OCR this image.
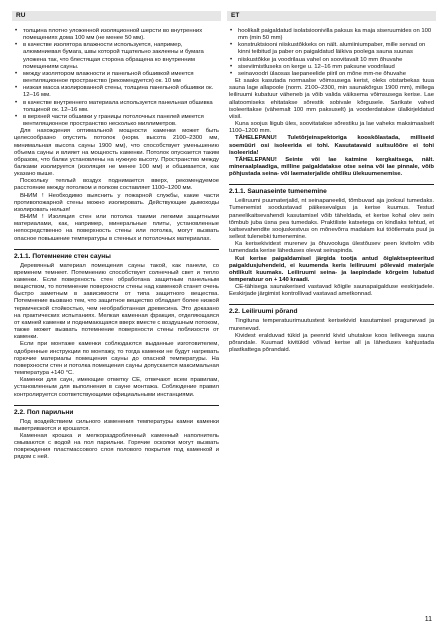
RU	ET
• толщина плотно уложенной изоляционной шерсти во внутренних помещениях дома 100 мм (не менее 50 мм).
• в качестве изолятора влажности используется, например, алюминиевая бумага, швы которой тщательно заклеены и бумага уложена так, что блестящая сторона обращена ко внутренним помещениям сауны.
• между изолятором влажности и панельной обшивкой имеется вентиляционное пространство (рекомендуется) ок. 10 мм
• низкая масса изолированной стены, толщина панельной обшивки ок. 12–16 мм.
• в качестве внутреннего материала используется панельная обшивка толщиной ок. 12–16 мм.
• в верхней части обшивки у границы потолочных панелей имеется вентиляционное пространство несколько миллиметров.

Для нахождения оптимальной мощности каменки может быть целесообразно опустить потолок (норм. высота 2100–2300 мм, минимальная высота сауны 1900 мм), что способствует уменьшению объема сауны и влияет на мощность каменки. Потолок опускается таким образом, что балки установлены на нужную высоту. Пространство между балками изолируется (изоляция не менее 100 мм) и обшивается, как указано выше.

Поскольку теплый воздух поднимается вверх, рекомендуемое расстояние между потолком и полком составляет 1100–1200 мм.

ВНИМ ! Необходимо выяснить у пожарной службы, какие части противопожарной стены можно изолировать. Действующие дымоходы изолировать нельзя!

ВНИМ ! Изоляция стен или потолка такими легкими защитными материалами, как, например, минеральные плиты, установленные непосредственно на поверхность стены или потолка, могут вызвать опасное повышение температуры в стенных и потолочных материалах.

2.1.1. Потемнение стен сауны

Деревянный материал помещения сауны такой, как панели, со временем темнеет. Потемнению способствует солнечный свет и тепло каменки. Если поверхность стен обработана защитным панельным веществом, то потемнение поверхности стены над каменкой станет очень быстро заметным в зависимости от типа защитного вещества. Потемнение вызвано тем, что защитное вещество обладает более низкой термической стойкостью, чем необработанная древесина. Это доказано на практических испытаниях. Мелкая каменная фракция, отделяющаяся от камней каменки и поднимающаяся вверх вместе с воздушным потоком, также может вызвать потемнение поверхности стены поблизости от каменки.

Если при монтаже каменки соблюдаются выданные изготовителем, одобренные инструкции по монтажу, то тогда каменки не будут нагревать горючие материалы помещения сауны до опасной температуры. На поверхности стен и потолка помещения сауны допускается максимальная температура +140 °C.

Каменки для саун, имеющие отметку CE, отвечают всем правилам, установленным для выполнения в сауне монтажа. Соблюдение правил контролируется соответствующими официальными инстанциями.

2.2. Пол парильни

Под воздействием сильного изменения температуры камни каменки выветриваются и крошатся.

Каменная крошка и мелкораздробленный каменный наполнитель смываются с водой на пол парильни. Горячие осколки могут вызвать повреждения пластмассового слоя полового покрытия под каменкой и рядом с ней.

• hoolikalt paigaldatud isolatsioonivilla paksus ka maja siseruumides on 100 mm (min 50 mm)
• konstruktsiooni niiskustõkkeks on nält. alumiiniumpaber, mille servad on kinni teibitud ja paber on paigaldatud läikiva poolega sauna suunas
• niiskustõkke ja voodrilaua vahel on soovitavalt 10 mm õhuvahe
• siseviimistluseks on kerge u. 12–16 mm paksune voodrilaud
• seinavoodri ülaosas laepaneelide piiril on mõne mm-ne õhuvahe

Et saaks kasutada normaalse võimsusega kerist, oleks otstarbekas tuua sauna lage allapoole (norm. 2100–2300, min saunakõrgus 1900 mm), millega leiliruumi kubatuur väheneb ja võib valida väiksema võimsusega kerise. Lae allatoomiseks ehitatakse sõrestik sobivale kõrgusele. Sarikate vahed isoleeritakse (vähemalt 100 mm paksuselt) ja vooderdatakse ülalkirjeldatud viisil.

Kuna soojus liigub üles, soovitatakse sõrestiku ja lae vaheks maksimaalselt 1100–1200 mm.

TÄHELEPANU! Tuletõrjeinspektoriga kooskõlastada, milliseid soemüüri osi isoleerida ei tohi. Kasutatavaid suitsulõõre ei tohi isoleerida!

TÄHELEPANU! Seinte või lae katmine kergkaitsega, nält. mineraalplaadiga, milline paigaldatakse otse seina või lae pinnale, võib põhjustada seina- või laematerjalide ohtliku ülekuumenemise.

2.1.1. Saunaseinte tumenemine

Leiliruumi puumaterjalid, nt seinapaneelid, tõmbuvad aja jooksul tumedaks. Tumenemist soodustavad päikesevalgus ja kerise kuumus. Testud paneelikaitsevahendi kasutamisel võib täheldada, et kerise kohal olev sein tõmbub juba üsna pea tumedaks. Praktiliste katsetega on kindlaks tehtud, et kaitsevahendite soojuskestvus on mõnevõrra madalam kui töötlemata puul ja sellest tulenebki tumenemine.

Ka kerisekividest murenev ja õhuvooluga ülestõusev peen kivitolm võib tumendada kerise läheduses olevat seinapinda.

Kui kerise paigaldamisel järgida tootja antud õiglaktsepteeritud paigaldusjuhendeid, ei kuumenda keris leiliruumi põlevaid materjale ohtlikult kuumaks. Leiliruumi seina- ja laepindade kõrgeim lubatud temperatuur on + 140 kraadi.

CE-tähisega saunakerised vastavad kõigile saunapaigalduse eeskirjadele. Eeskirjade järgimist kontrollivad vastavad ametkonnad.

2.2. Leiliruumi põrand

Tingituna temperatuurimuutustest kerisekivid kasutamisel pragunevad ja murenevad.

Kividest eralduvad tükid ja peenrid kivid uhutakse koos leiliveega sauna põrandale. Kuumad kivitükid võivad kerise all ja läheduses kahjustada plastkattega põrandaid.

11
